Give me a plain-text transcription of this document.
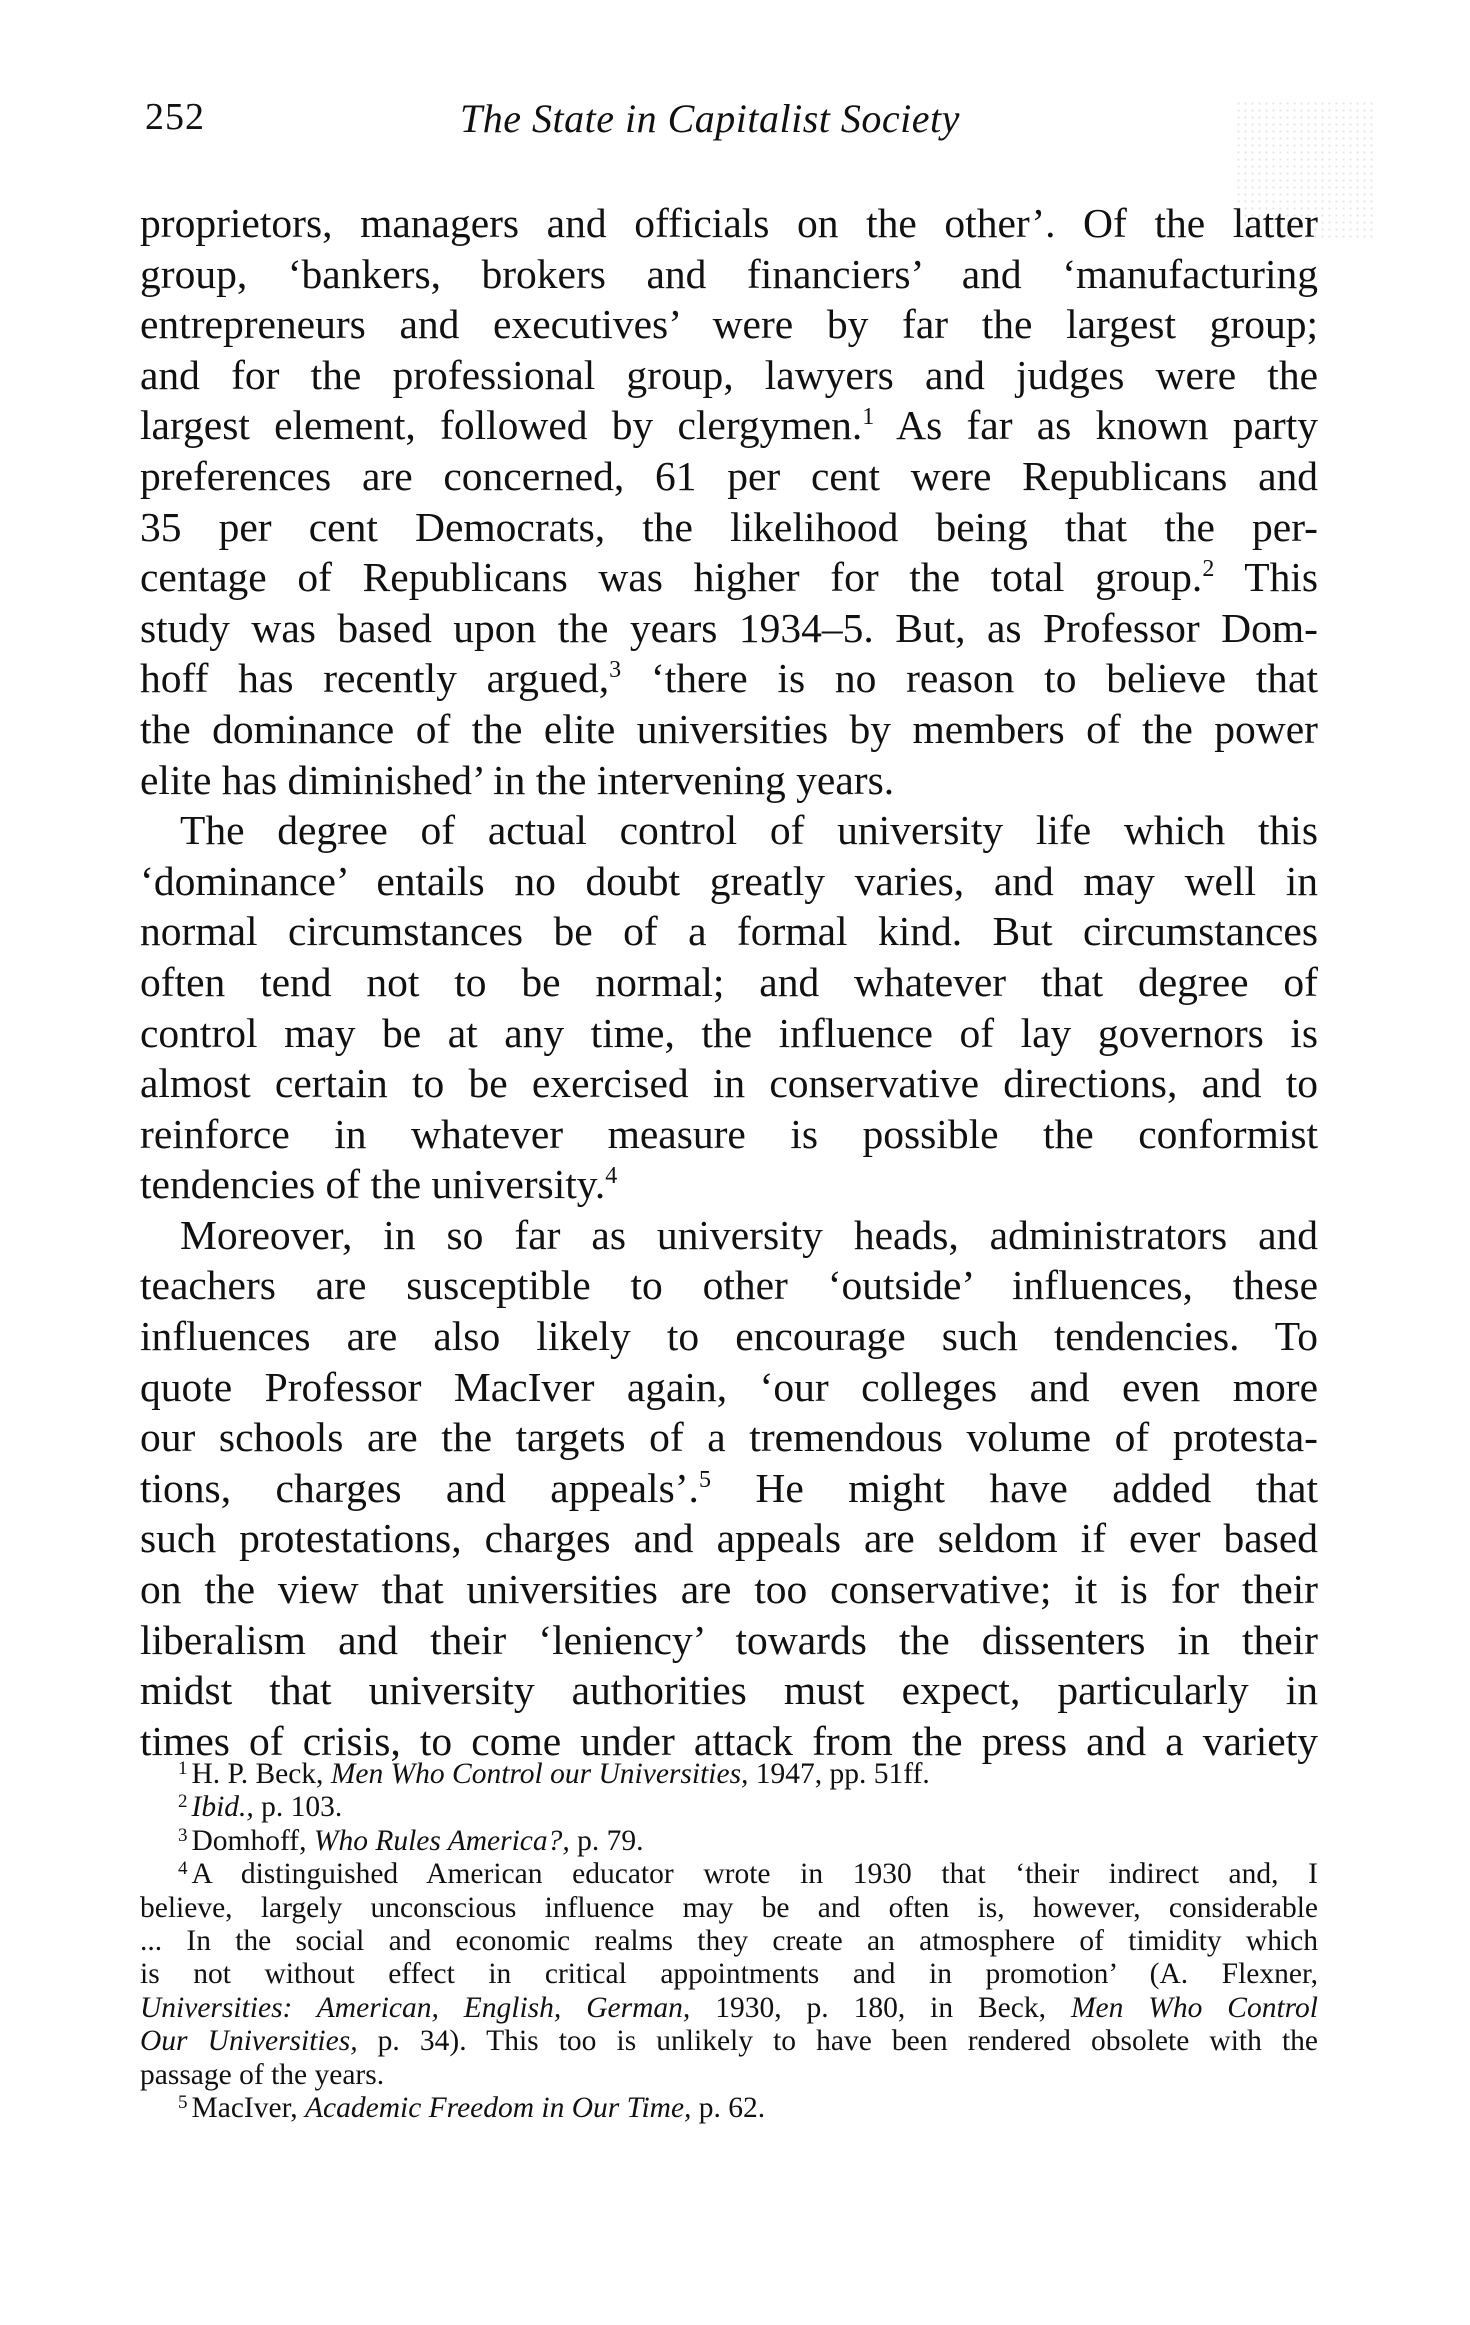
252	The State in Capitalist Society
proprietors, managers and officials on the other’. Of the latter
group, ‘bankers, brokers and financiers’ and ‘manufacturing
entrepreneurs and executives’ were by far the largest group;
and for the professional group, lawyers and judges were the
largest element, followed by clergymen.$^1$ As far as known party
preferences are concerned, 61 per cent were Republicans and
35 per cent Democrats, the likelihood being that the per-
centage of Republicans was higher for the total group.$^2$ This
study was based upon the years 1934–5. But, as Professor Dom-
hoff has recently argued,$^3$ ‘there is no reason to believe that
the dominance of the elite universities by members of the power
elite has diminished’ in the intervening years.
The degree of actual control of university life which this
‘dominance’ entails no doubt greatly varies, and may well in
normal circumstances be of a formal kind. But circumstances
often tend not to be normal; and whatever that degree of
control may be at any time, the influence of lay governors is
almost certain to be exercised in conservative directions, and to
reinforce in whatever measure is possible the conformist
tendencies of the university.$^4$
Moreover, in so far as university heads, administrators and
teachers are susceptible to other ‘outside’ influences, these
influences are also likely to encourage such tendencies. To
quote Professor MacIver again, ‘our colleges and even more
our schools are the targets of a tremendous volume of protesta-
tions, charges and appeals’.$^5$ He might have added that
such protestations, charges and appeals are seldom if ever based
on the view that universities are too conservative; it is for their
liberalism and their ‘leniency’ towards the dissenters in their
midst that university authorities must expect, particularly in
times of crisis, to come under attack from the press and a variety
$^1$ H. P. Beck, Men Who Control our Universities, 1947, pp. 51ff.
$^2$ Ibid., p. 103.
$^3$ Domhoff, Who Rules America?, p. 79.
$^4$ A distinguished American educator wrote in 1930 that ‘their indirect and, I
believe, largely unconscious influence may be and often is, however, considerable
... In the social and economic realms they create an atmosphere of timidity which
is not without effect in critical appointments and in promotion’ (A. Flexner,
Universities: American, English, German, 1930, p. 180, in Beck, Men Who Control
Our Universities, p. 34). This too is unlikely to have been rendered obsolete with the
passage of the years.
$^5$ MacIver, Academic Freedom in Our Time, p. 62.
